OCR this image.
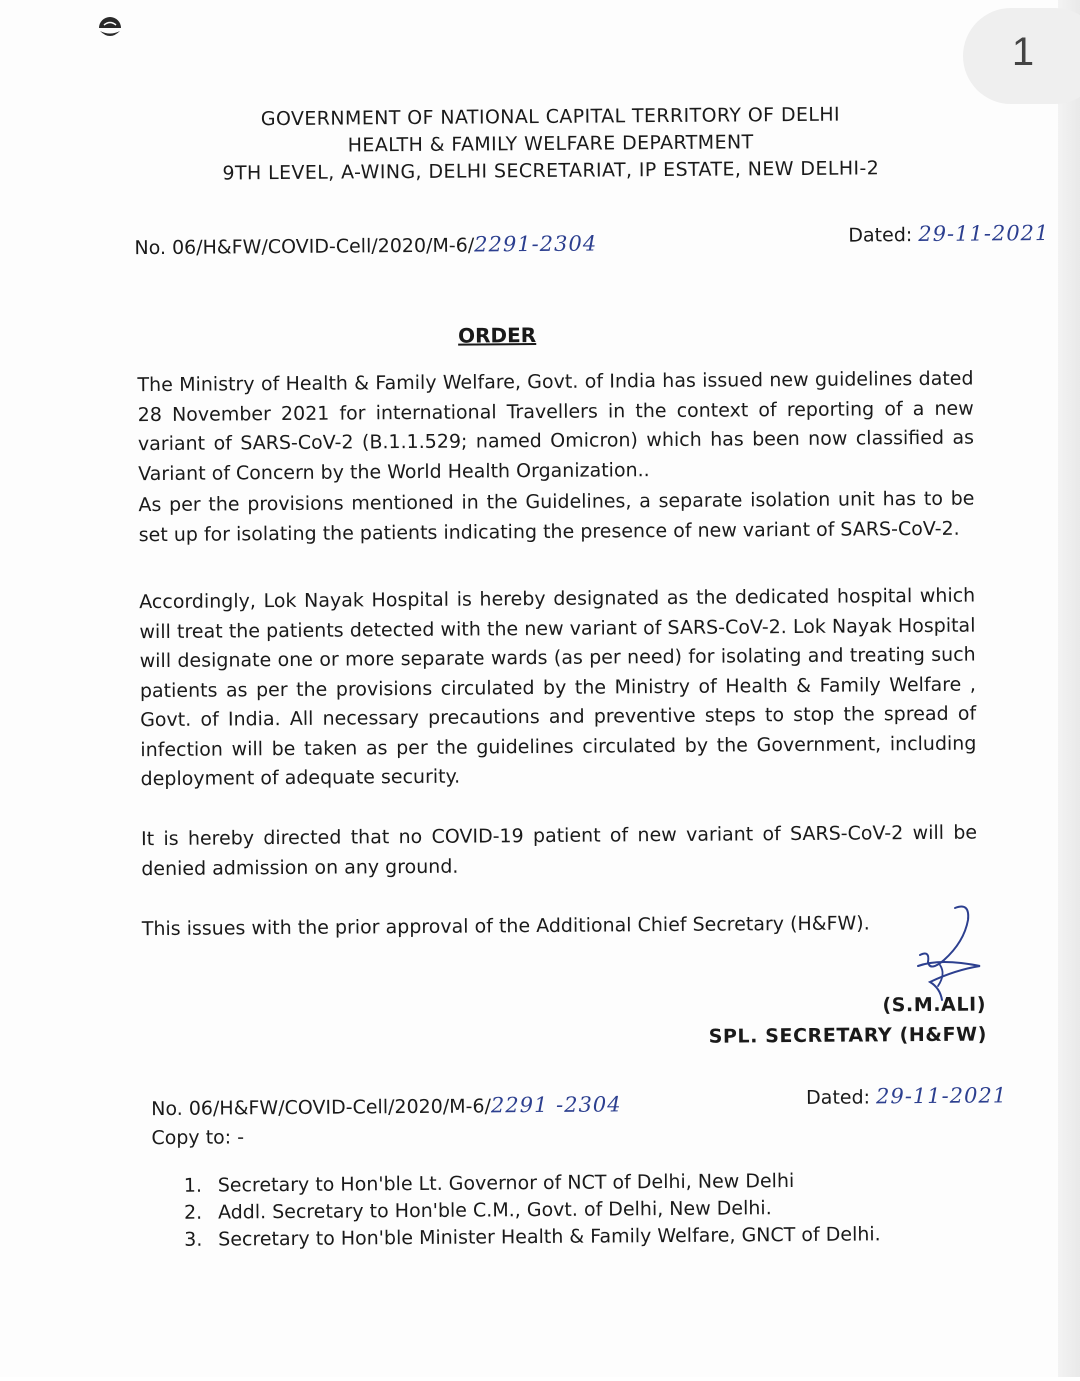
1
GOVERNMENT OF NATIONAL CAPITAL TERRITORY OF DELHI
HEALTH & FAMILY WELFARE DEPARTMENT
9TH LEVEL, A-WING, DELHI SECRETARIAT, IP ESTATE, NEW DELHI-2
No. 06/H&FW/COVID-Cell/2020/M-6/2291-2304	Dated: 29-11-2021
ORDER
The Ministry of Health & Family Welfare, Govt. of India has issued new guidelines dated 28 November 2021 for international Travellers in the context of reporting of a new variant of SARS-CoV-2 (B.1.1.529; named Omicron) which has been now classified as Variant of Concern by the World Health Organization..
As per the provisions mentioned in the Guidelines, a separate isolation unit has to be set up for isolating the patients indicating the presence of new variant of SARS-CoV-2.
Accordingly, Lok Nayak Hospital is hereby designated as the dedicated hospital which will treat the patients detected with the new variant of SARS-CoV-2. Lok Nayak Hospital will designate one or more separate wards (as per need) for isolating and treating such patients as per the provisions circulated by the Ministry of Health & Family Welfare , Govt. of India. All necessary precautions and preventive steps to stop the spread of infection will be taken as per the guidelines circulated by the Government, including deployment of adequate security.
It is hereby directed that no COVID-19 patient of new variant of SARS-CoV-2 will be denied admission on any ground.
This issues with the prior approval of the Additional Chief Secretary (H&FW).
(S.M.ALI)
SPL. SECRETARY (H&FW)
No. 06/H&FW/COVID-Cell/2020/M-6/2291 -2304	Dated: 29-11-2021
Copy to: -
1. Secretary to Hon'ble Lt. Governor of NCT of Delhi, New Delhi
2. Addl. Secretary to Hon'ble C.M., Govt. of Delhi, New Delhi.
3. Secretary to Hon'ble Minister Health & Family Welfare, GNCT of Delhi.
